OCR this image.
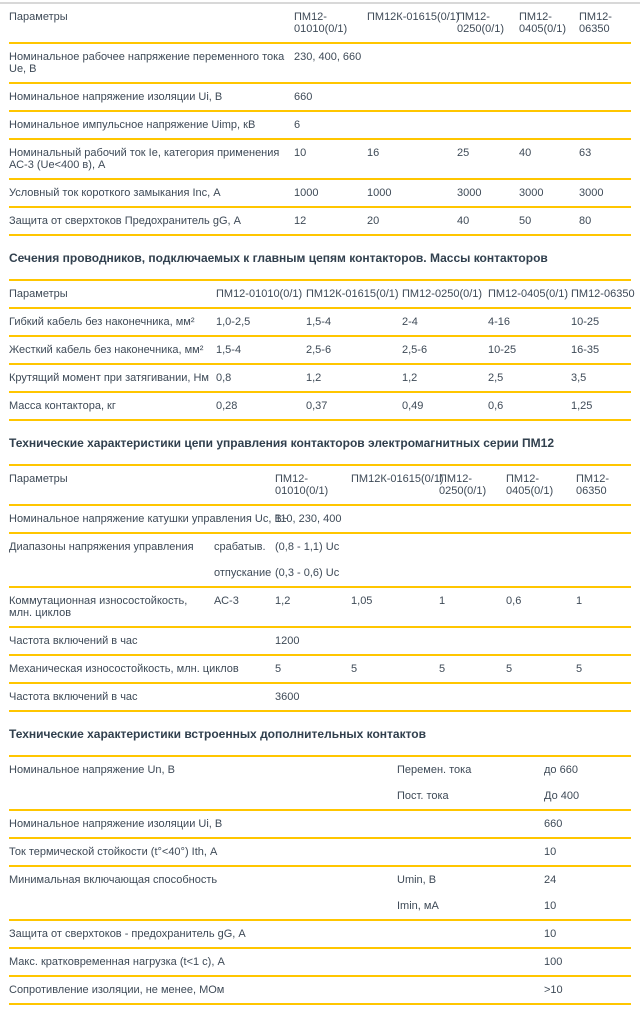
Параметры	ПМ12-01010(0/1)	ПМ12К-01615(0/1)	ПМ12-0250(0/1)	ПМ12-0405(0/1)	ПМ12-06350
Номинальное рабочее напряжение переменного тока Ue, В	230, 400, 660				
Номинальное напряжение изоляции Ui, В	660				
Номинальное импульсное напряжение Uimp, кВ	6				
Номинальный рабочий ток Ie, категория применения АС-3 (Ue<400 в), А	10	16	25	40	63
Условный ток короткого замыкания Inc, А	1000	1000	3000	3000	3000
Защита от сверхтоков Предохранитель gG, А	12	20	40	50	80
Сечения проводников, подключаемых к главным цепям контакторов. Массы контакторов
Параметры	ПМ12-01010(0/1)	ПМ12К-01615(0/1)	ПМ12-0250(0/1)	ПМ12-0405(0/1)	ПМ12-06350
Гибкий кабель без наконечника, мм²	1,0-2,5	1,5-4	2-4	4-16	10-25
Жесткий кабель без наконечника, мм²	1,5-4	2,5-6	2,5-6	10-25	16-35
Крутящий момент при затягивании, Нм	0,8	1,2	1,2	2,5	3,5
Масса контактора, кг	0,28	0,37	0,49	0,6	1,25
Технические характеристики цепи управления контакторов электромагнитных серии ПМ12
Параметры		ПМ12-01010(0/1)	ПМ12К-01615(0/1)	ПМ12-0250(0/1)	ПМ12-0405(0/1)	ПМ12-06350
Номинальное напряжение катушки управления Uc, В~		110, 230, 400				
Диапазоны напряжения управления	срабатыв.	(0,8 - 1,1) Uc				
	отпускание	(0,3 - 0,6) Uc				
Коммутационная износостойкость, млн. циклов	АС-3	1,2	1,05	1	0,6	1
Частота включений в час		1200				
Механическая износостойкость, млн. циклов		5	5	5	5	5
Частота включений в час		3600				
Технические характеристики встроенных дополнительных контактов
Номинальное напряжение Un, В	Перемен. тока	до 660
	Пост. тока	До 400
Номинальное напряжение изоляции Ui, В		660
Ток термической стойкости (t°<40°) Ith, А		10
Минимальная включающая способность	Umin, В	24
	Imin, мА	10
Защита от сверхтоков - предохранитель gG, А		10
Макс. кратковременная нагрузка (t<1 с), А		100
Сопротивление изоляции, не менее, МОм		>10
